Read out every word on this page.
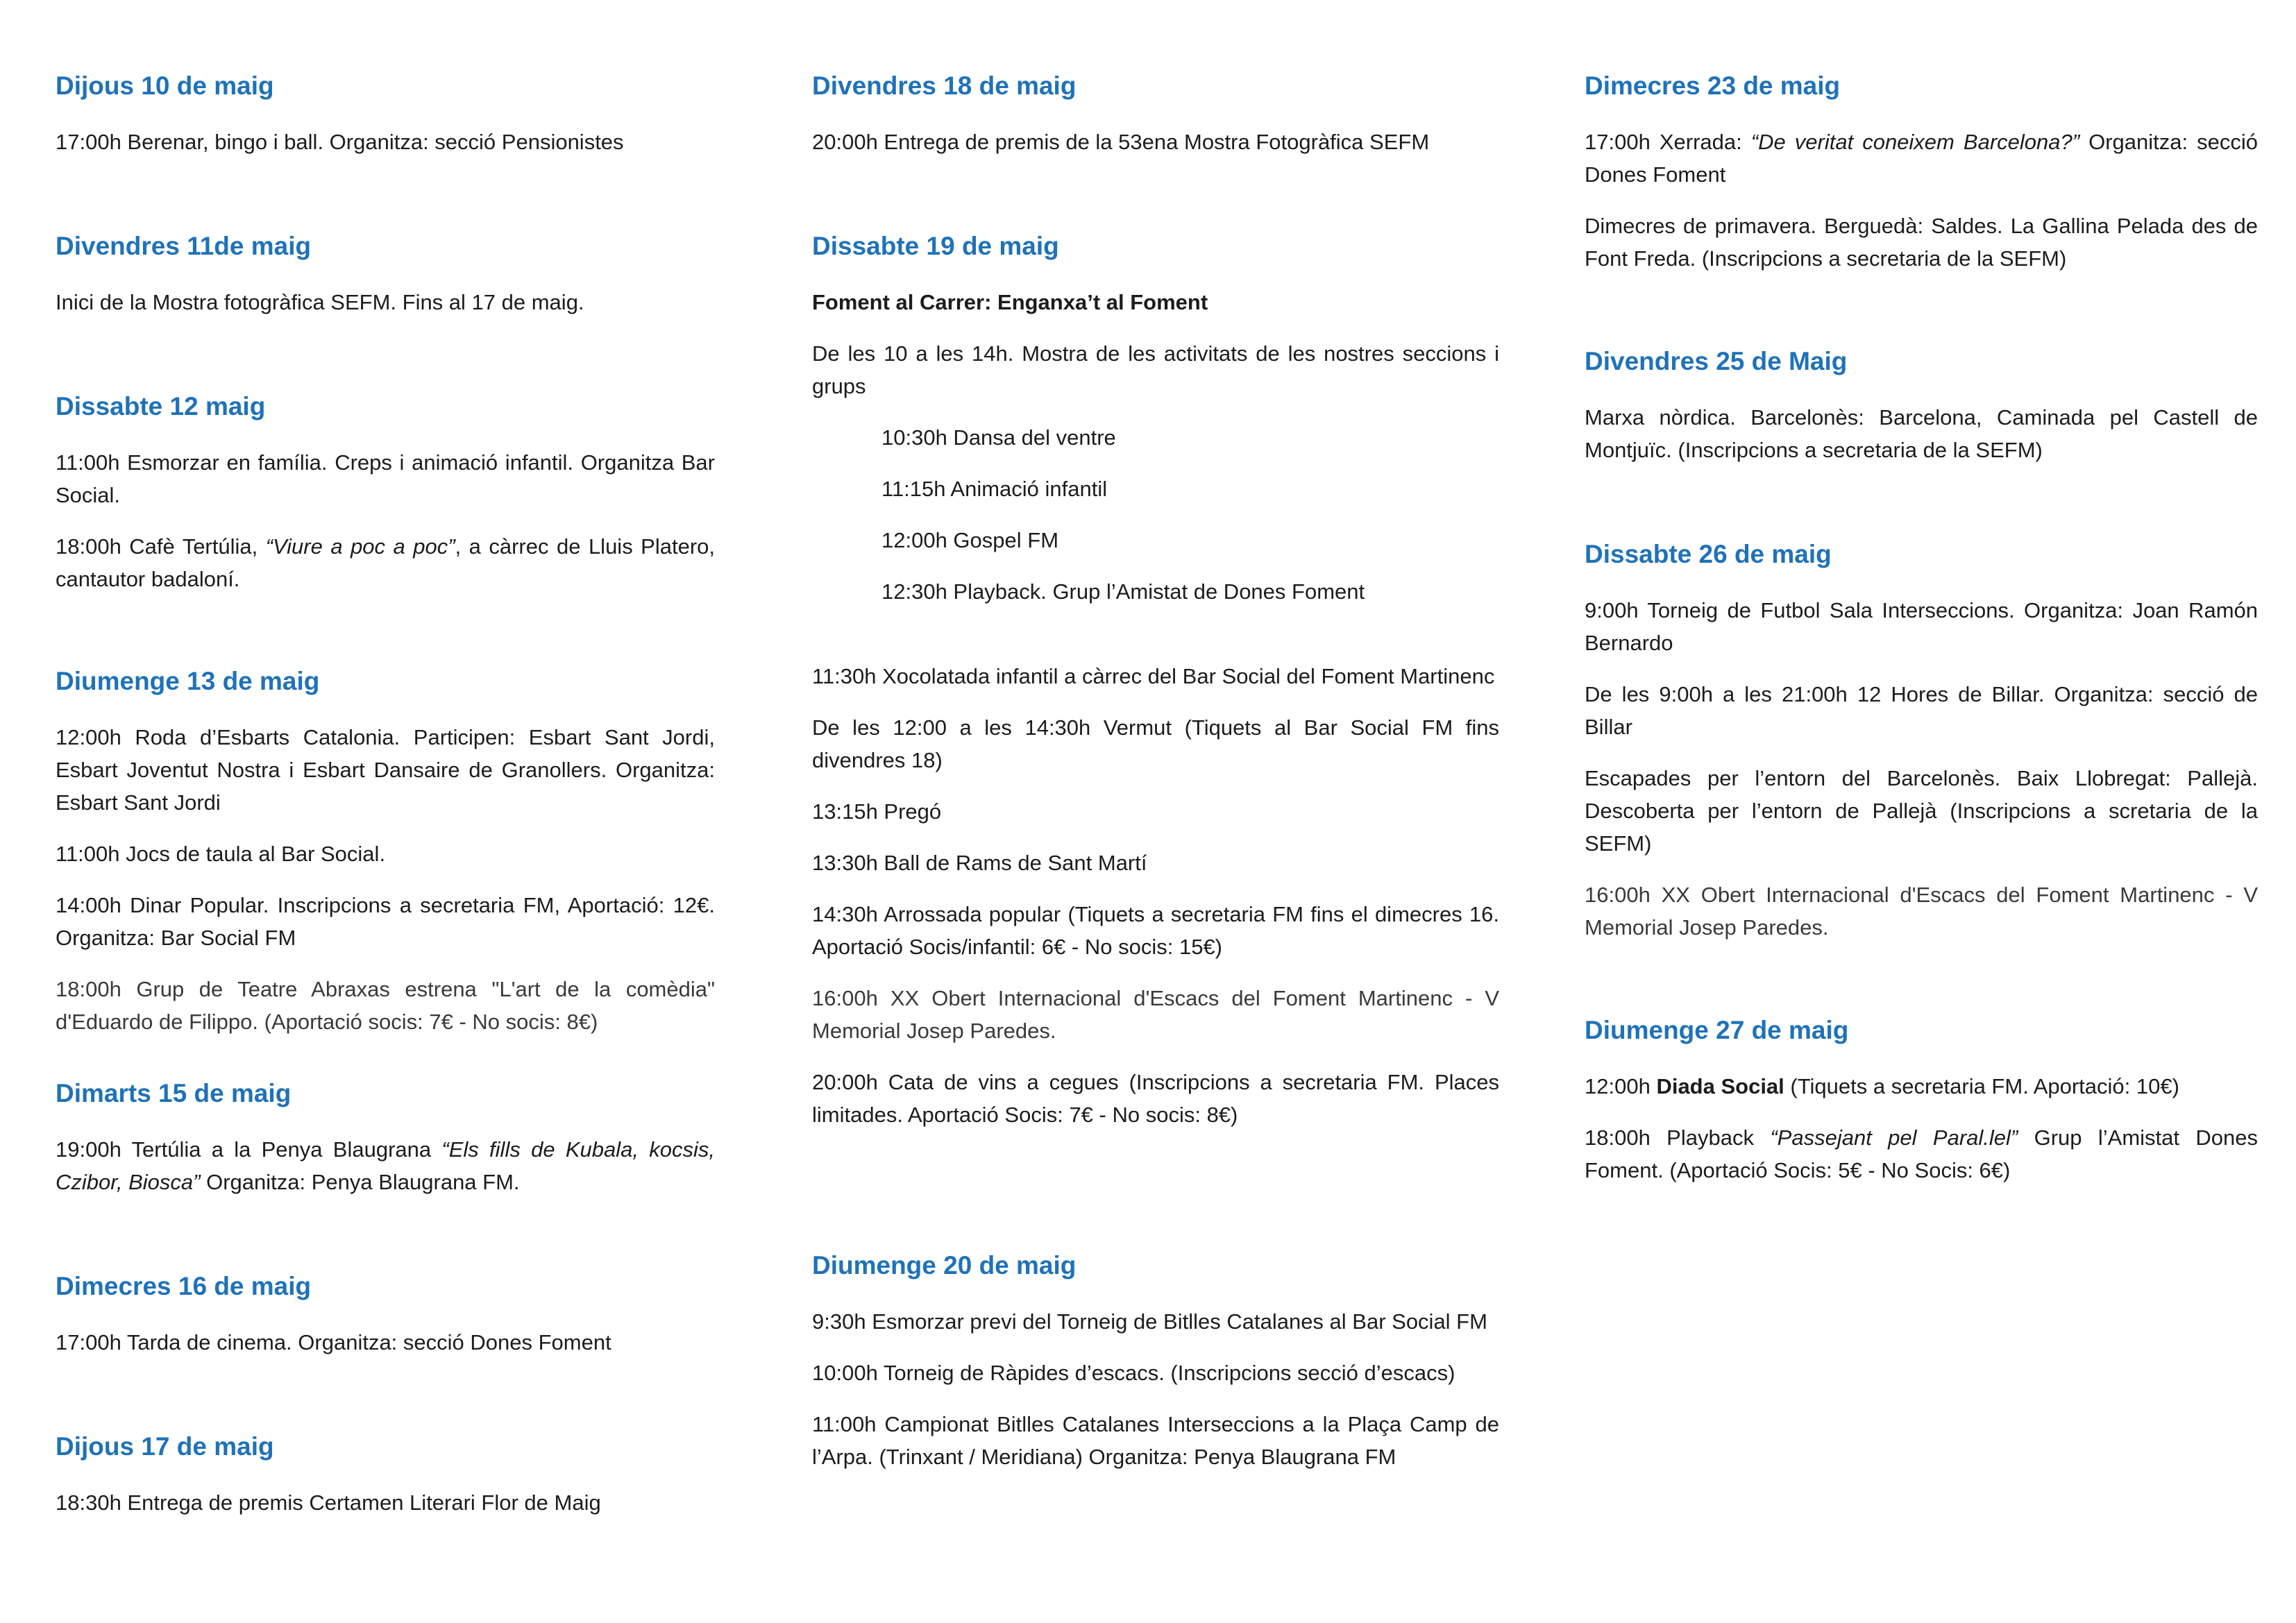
Dijous 10 de maig

17:00h Berenar, bingo i ball. Organitza: secció Pensionistes

Divendres 11de maig

Inici de la Mostra fotogràfica SEFM. Fins al 17 de maig.

Dissabte 12 maig

11:00h Esmorzar en família. Creps i animació infantil. Organitza Bar Social.

18:00h Cafè Tertúlia, “Viure a poc a poc”, a càrrec de Lluis Platero, cantautor badaloní.

Diumenge 13 de maig

12:00h Roda d’Esbarts Catalonia. Participen: Esbart Sant Jordi, Esbart Joventut Nostra i Esbart Dansaire de Granollers. Organitza: Esbart Sant Jordi

11:00h Jocs de taula al Bar Social.

14:00h Dinar Popular. Inscripcions a secretaria FM, Aportació: 12€. Organitza: Bar Social FM

18:00h Grup de Teatre Abraxas estrena "L'art de la comèdia" d'Eduardo de Filippo. (Aportació socis: 7€ - No socis: 8€)

Dimarts 15 de maig

19:00h Tertúlia a la Penya Blaugrana “Els fills de Kubala, kocsis, Czibor, Biosca” Organitza: Penya Blaugrana FM.

Dimecres 16 de maig

17:00h Tarda de cinema. Organitza: secció Dones Foment

Dijous 17 de maig

18:30h Entrega de premis Certamen Literari Flor de Maig

Divendres 18 de maig

20:00h Entrega de premis de la 53ena Mostra Fotogràfica SEFM

Dissabte 19 de maig

Foment al Carrer: Enganxa’t al Foment

De les 10 a les 14h. Mostra de les activitats de les nostres seccions i grups

10:30h Dansa del ventre

11:15h Animació infantil

12:00h Gospel FM

12:30h Playback. Grup l’Amistat de Dones Foment

11:30h Xocolatada infantil a càrrec del Bar Social del Foment Martinenc

De les 12:00 a les 14:30h Vermut (Tiquets al Bar Social FM fins divendres 18)

13:15h Pregó

13:30h Ball de Rams de Sant Martí

14:30h Arrossada popular (Tiquets a secretaria FM fins el dimecres 16. Aportació Socis/infantil: 6€ - No socis: 15€)

16:00h XX Obert Internacional d'Escacs del Foment Martinenc - V Memorial Josep Paredes.

20:00h Cata de vins a cegues (Inscripcions a secretaria FM. Places limitades. Aportació Socis: 7€ - No socis: 8€)

Diumenge 20 de maig

9:30h Esmorzar previ del Torneig de Bitlles Catalanes al Bar Social FM

10:00h Torneig de Ràpides d’escacs. (Inscripcions secció d’escacs)

11:00h Campionat Bitlles Catalanes Interseccions a la Plaça Camp de l’Arpa. (Trinxant / Meridiana) Organitza: Penya Blaugrana FM

Dimecres 23 de maig

17:00h Xerrada: “De veritat coneixem Barcelona?” Organitza: secció Dones Foment

Dimecres de primavera. Berguedà: Saldes. La Gallina Pelada des de Font Freda. (Inscripcions a secretaria de la SEFM)

Divendres 25 de Maig

Marxa nòrdica. Barcelonès: Barcelona, Caminada pel Castell de Montjuïc. (Inscripcions a secretaria de la SEFM)

Dissabte 26 de maig

9:00h Torneig de Futbol Sala Interseccions. Organitza: Joan Ramón Bernardo

De les 9:00h a les 21:00h 12 Hores de Billar. Organitza: secció de Billar

Escapades per l’entorn del Barcelonès. Baix Llobregat: Pallejà. Descoberta per l’entorn de Pallejà (Inscripcions a scretaria de la SEFM)

16:00h XX Obert Internacional d'Escacs del Foment Martinenc - V Memorial Josep Paredes.

Diumenge 27 de maig

12:00h Diada Social (Tiquets a secretaria FM. Aportació: 10€)

18:00h Playback “Passejant pel Paral.lel” Grup l’Amistat Dones Foment. (Aportació Socis: 5€ - No Socis: 6€)
